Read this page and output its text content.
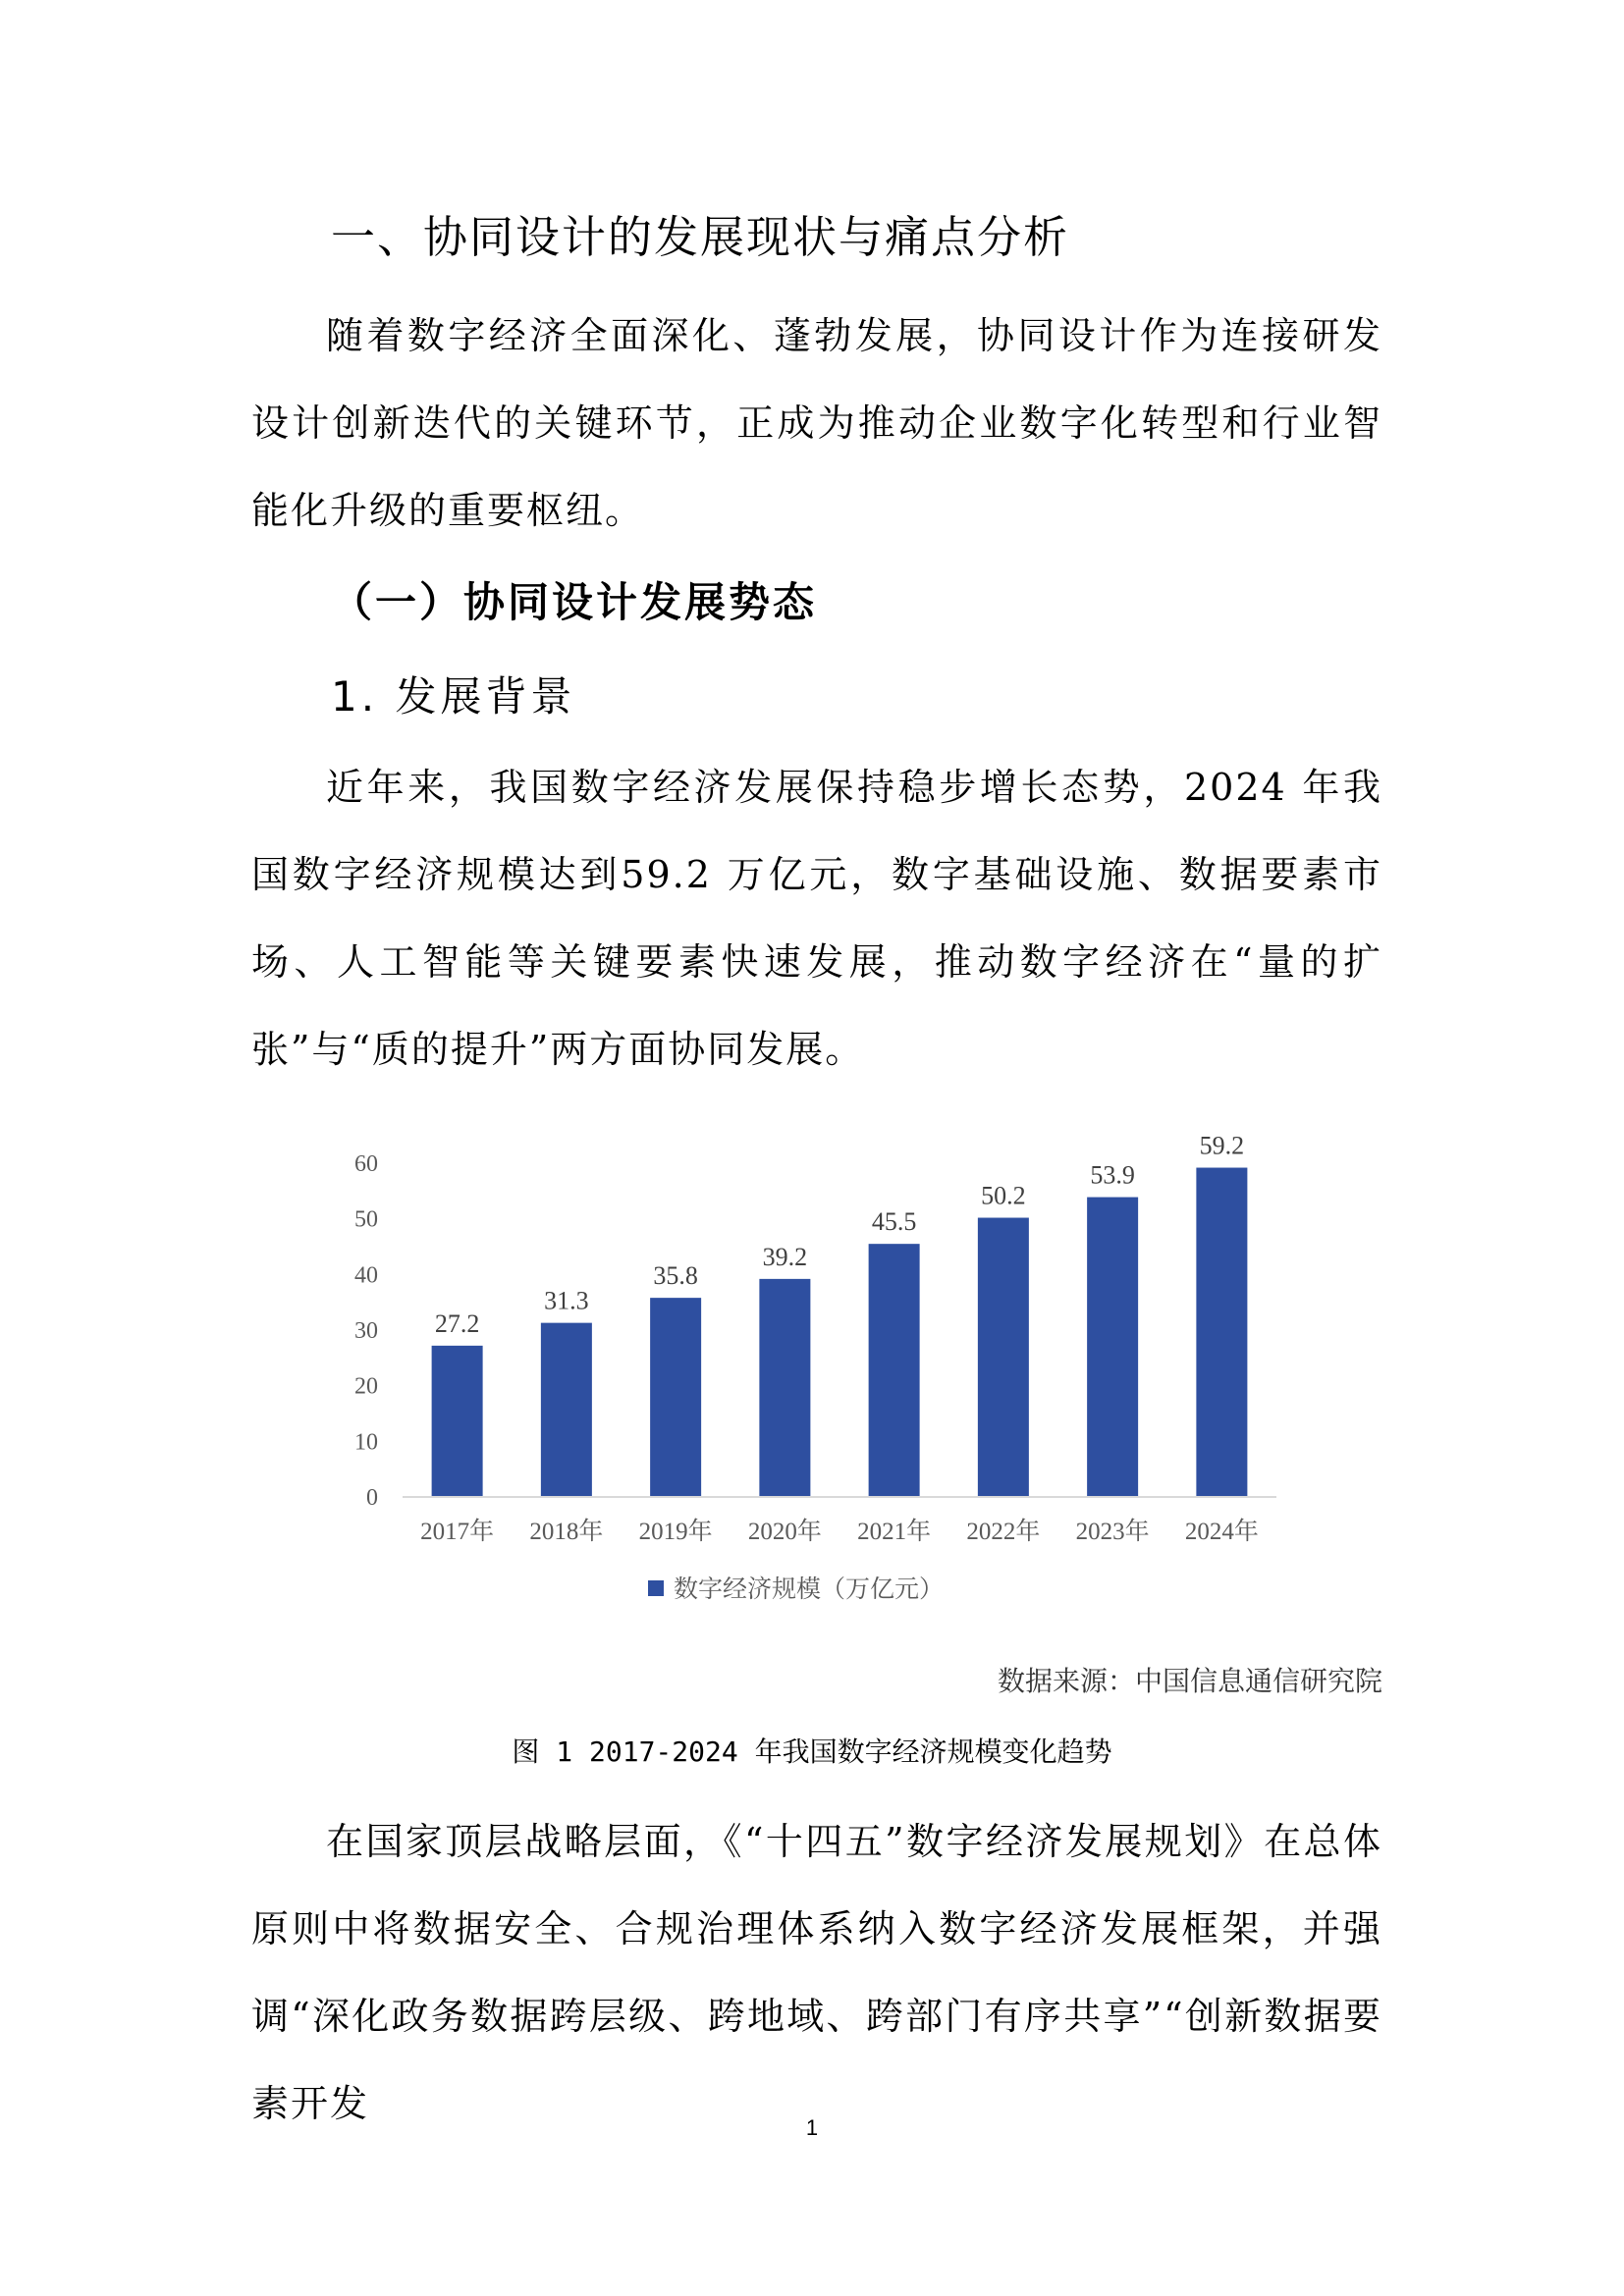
一、协同设计的发展现状与痛点分析

随着数字经济全面深化、蓬勃发展，协同设计作为连接研发设计创新迭代的关键环节，正成为推动企业数字化转型和行业智能化升级的重要枢纽。

（一）协同设计发展势态
1. 发展背景

近年来，我国数字经济发展保持稳步增长态势，2024 年我国数字经济规模达到59.2 万亿元，数字基础设施、数据要素市场、人工智能等关键要素快速发展，推动数字经济在“量的扩张”与“质的提升”两方面协同发展。

0
10
20
30
40
50
60
27.2
31.3
35.8
39.2
45.5
50.2
53.9
59.2
2017年 2018年 2019年 2020年 2021年 2022年 2023年 2024年
数字经济规模（万亿元）
数据来源：中国信息通信研究院
图 1 2017-2024 年我国数字经济规模变化趋势

在国家顶层战略层面，《“十四五”数字经济发展规划》在总体原则中将数据安全、合规治理体系纳入数字经济发展框架，并强调“深化政务数据跨层级、跨地域、跨部门有序共享”“创新数据要素开发

1
